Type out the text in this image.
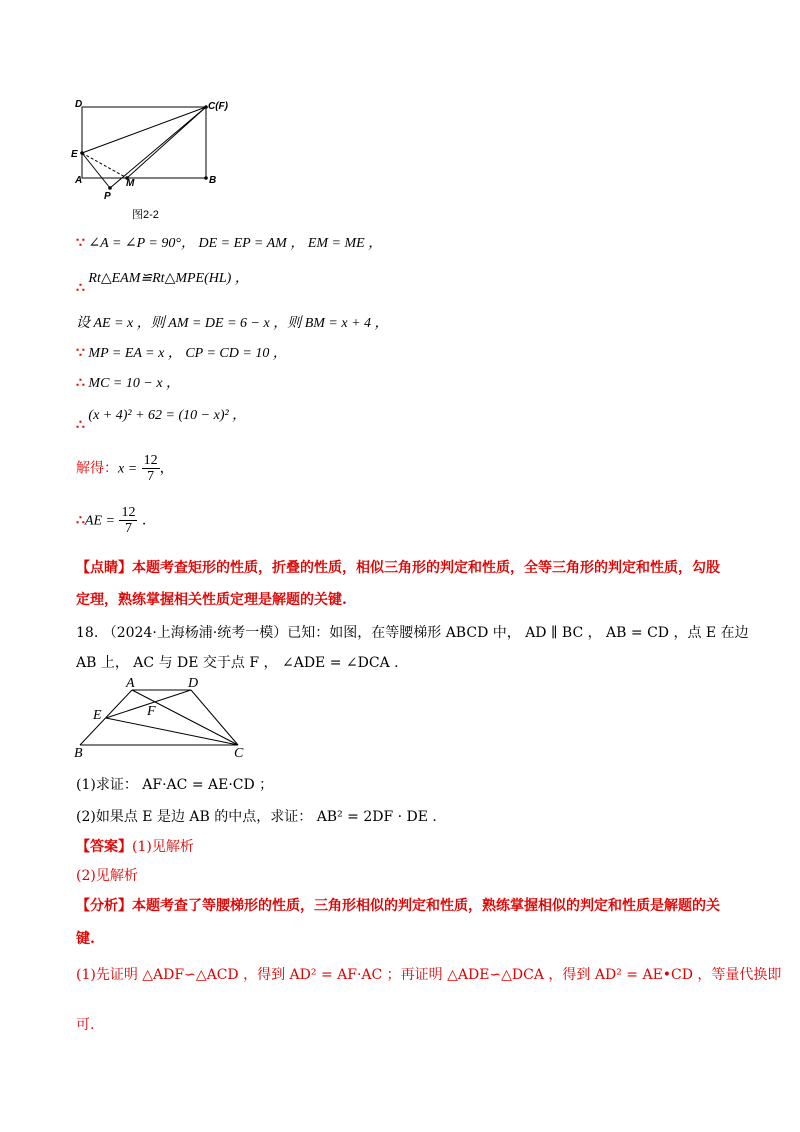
D	C(F)
E
A	M	B
P
图2-2
∵ ∠A = ∠P = 90°， DE = EP = AM ， EM = ME ，
∴ Rt△EAM≌Rt△MPE(HL) ，
设 AE = x ，则 AM = DE = 6 − x ，则 BM = x + 4 ，
∵ MP = EA = x ， CP = CD = 10 ，
∴ MC = 10 − x ，
∴ (x + 4)² + 62 = (10 − x)² ，
解得：$x = \frac{12}{7}$ ，
∴AE = $\frac{12}{7}$ .
【点睛】本题考查矩形的性质，折叠的性质，相似三角形的判定和性质，全等三角形的判定和性质，勾股
定理，熟练掌握相关性质定理是解题的关键.
18. （2024·上海杨浦·统考一模）已知：如图，在等腰梯形 ABCD 中， AD ∥ BC ， AB = CD ，点 E 在边
AB 上， AC 与 DE 交于点 F ， ∠ADE = ∠DCA .
A	D
E	F
B	C
(1)求证： AF·AC = AE·CD ；
(2)如果点 E 是边 AB 的中点，求证： AB² = 2DF · DE .
【答案】(1)见解析
(2)见解析
【分析】本题考查了等腰梯形的性质，三角形相似的判定和性质，熟练掌握相似的判定和性质是解题的关
键.
(1)先证明 △ADF∽△ACD ，得到 AD² = AF·AC ；再证明 △ADE∽△DCA ，得到 AD² = AE•CD ，等量代换即
可.
